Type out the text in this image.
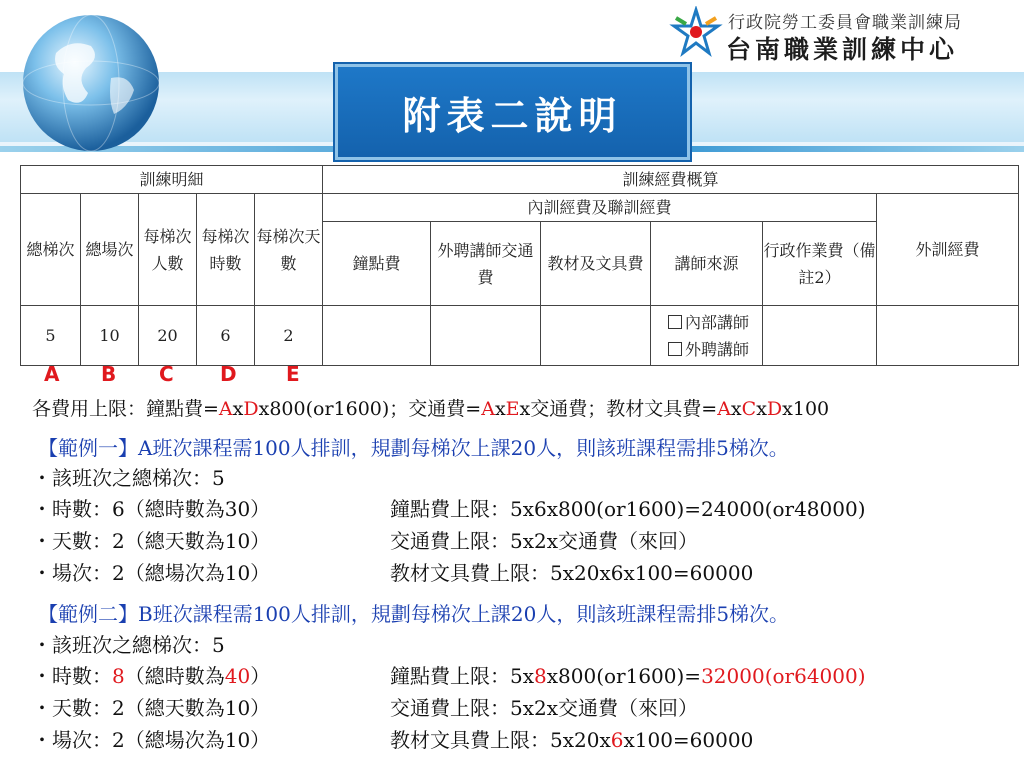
行政院勞工委員會職業訓練局
台南職業訓練中心
附表二說明
訓練明細					訓練經費概算					
總梯次	總場次	每梯次人數	每梯次時數	每梯次天數	內訓經費及聯訓經費					外訓經費
					鐘點費	外聘講師交通費	教材及文具費	講師來源	行政作業費（備註2）	
5	10	20	6	2				內部講師
外聘講師		

A B C D E
各費用上限：鐘點費=AxDx800(or1600)；交通費=AxEx交通費；教材文具費=AxCxDx100
【範例一】A班次課程需100人排訓，規劃每梯次上課20人，則該班課程需排5梯次。
・該班次之總梯次：5
・時數：6（總時數為30）	鐘點費上限：5x6x800(or1600)=24000(or48000)
・天數：2（總天數為10）	交通費上限：5x2x交通費（來回）
・場次：2（總場次為10）	教材文具費上限：5x20x6x100=60000
【範例二】B班次課程需100人排訓，規劃每梯次上課20人，則該班課程需排5梯次。
・該班次之總梯次：5
・時數：8（總時數為40）	鐘點費上限：5x8x800(or1600)=32000(or64000)
・天數：2（總天數為10）	交通費上限：5x2x交通費（來回）
・場次：2（總場次為10）	教材文具費上限：5x20x6x100=60000
